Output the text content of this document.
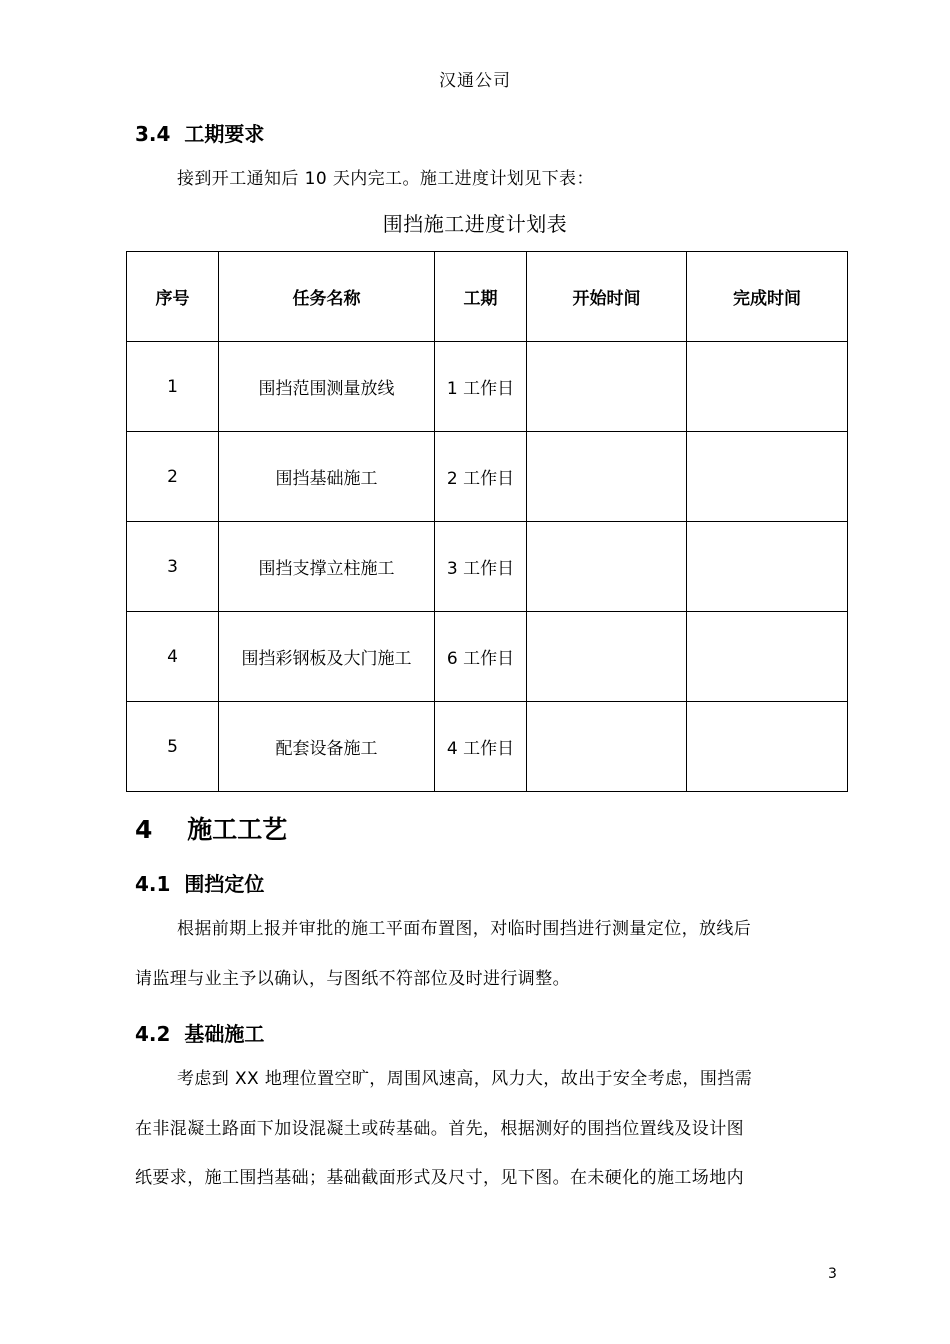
汉通公司
3.4 工期要求
接到开工通知后 10 天内完工。施工进度计划见下表：
围挡施工进度计划表
序号	任务名称	工期	开始时间	完成时间
1	围挡范围测量放线	1 工作日		
2	围挡基础施工	2 工作日		
3	围挡支撑立柱施工	3 工作日		
4	围挡彩钢板及大门施工	6 工作日		
5	配套设备施工	4 工作日		
4 施工工艺
4.1 围挡定位
根据前期上报并审批的施工平面布置图，对临时围挡进行测量定位，放线后
请监理与业主予以确认，与图纸不符部位及时进行调整。
4.2 基础施工
考虑到 XX 地理位置空旷，周围风速高，风力大，故出于安全考虑，围挡需
在非混凝土路面下加设混凝土或砖基础。首先，根据测好的围挡位置线及设计图
纸要求，施工围挡基础；基础截面形式及尺寸，见下图。在未硬化的施工场地内
3
